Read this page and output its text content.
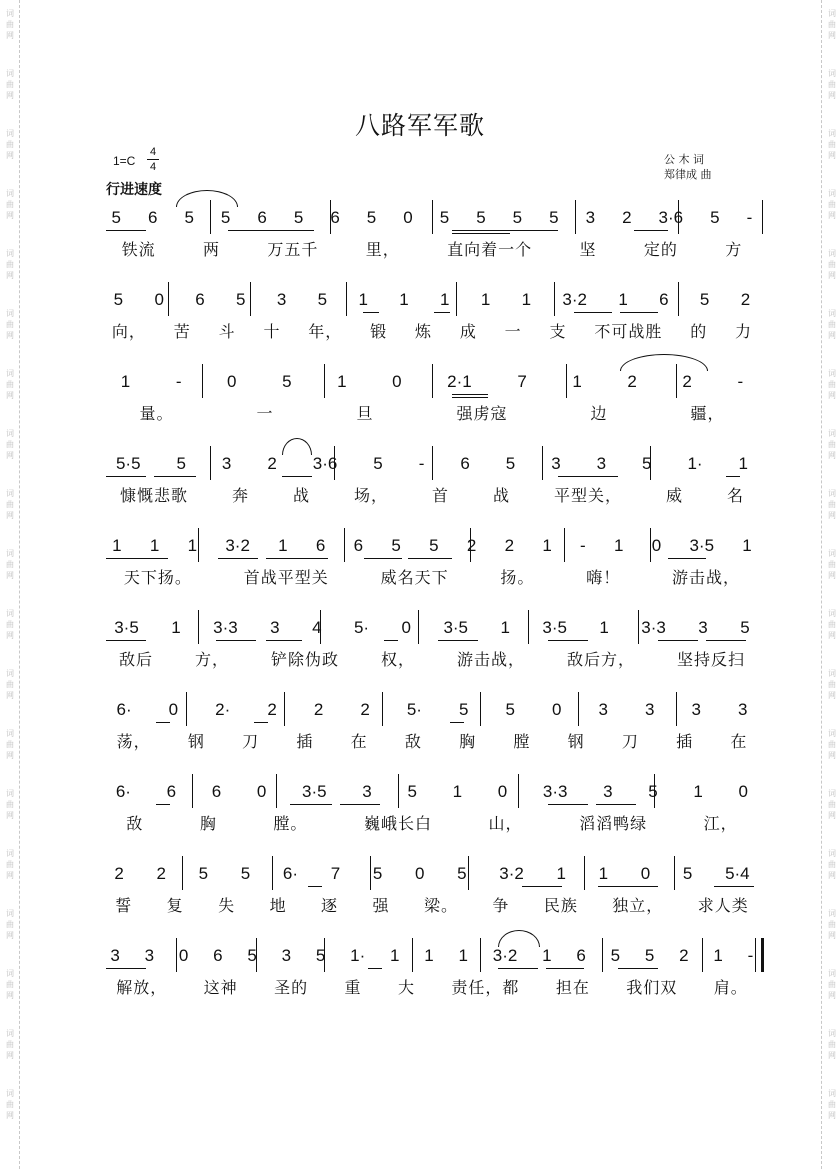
词
曲
网
词
曲
网
词
曲
网
词
曲
网
词
曲
网
词
曲
网
词
曲
网
词
曲
网
词
曲
网
词
曲
网
词
曲
网
词
曲
网
词
曲
网
词
曲
网
词
曲
网
词
曲
网
词
曲
网
词
曲
网
词
曲
网
词
曲
网
词
曲
网
词
曲
网
词
曲
网
词
曲
网
词
曲
网
词
曲
网
词
曲
网
词
曲
网
词
曲
网
词
曲
网
词
曲
网
词
曲
网
词
曲
网
词
曲
网
词
曲
网
词
曲
网
词
曲
网
词
曲
网
八路军军歌
1=C
4
4
行进速度
公 木 词
郑律成 曲
5 6 5 5 6 5 6 5 0 5 5 5 5 3 2 3·6 5 -
铁流	两	万五千	里，	直向着一个	坚	定的	方
5 0 6 5 3 5 1 1 1 1 1 3·2 1 6 5 2
向， 苦 斗 十 年， 锻 炼 成 一 支 不可战胜 的 力
1	-	0	5	1	0	2·1	7	1	2	2	-
量。	一	旦	强虏寇	边	疆，
5·5 5 3 2 3·6 5 - 6 5 3 3 5 1· 1
慷慨悲歌	奔	战	场，	首	战	平型关，	威	名
1 1 1 3·2 1 6 6 5 5 2 2 1 - 1 0 3·5 1
天下扬。	首战平型关	威名天下	扬。	嗨！	游击战，
3·5 1 3·3 3 4 5· 0 3·5 1 3·5 1 3·3 3 5
敌后	方，	铲除伪政	权，	游击战，	敌后方，	坚持反扫
6· 0 2· 2 2 2 5· 5 5 0 3 3 3 3
荡， 钢 刀 插 在 敌 胸 膛 钢 刀 插 在
6· 6 6 0 3·5 3 5 1 0 3·3 3 5 1 0
敌	胸	膛。	巍峨长白	山，	滔滔鸭绿	江，
2 2 5 5 6· 7 5 0 5 3·2 1 1 0 5 5·4
誓 复 失 地 逐 强 梁。 争 民族 独立， 求人类
3 3 0 6 5 3 5 1· 1 1 1 3·2 1 6 5 5 2 1 -
解放， 这神 圣的 重 大 责任，都 担在 我们双 肩。
